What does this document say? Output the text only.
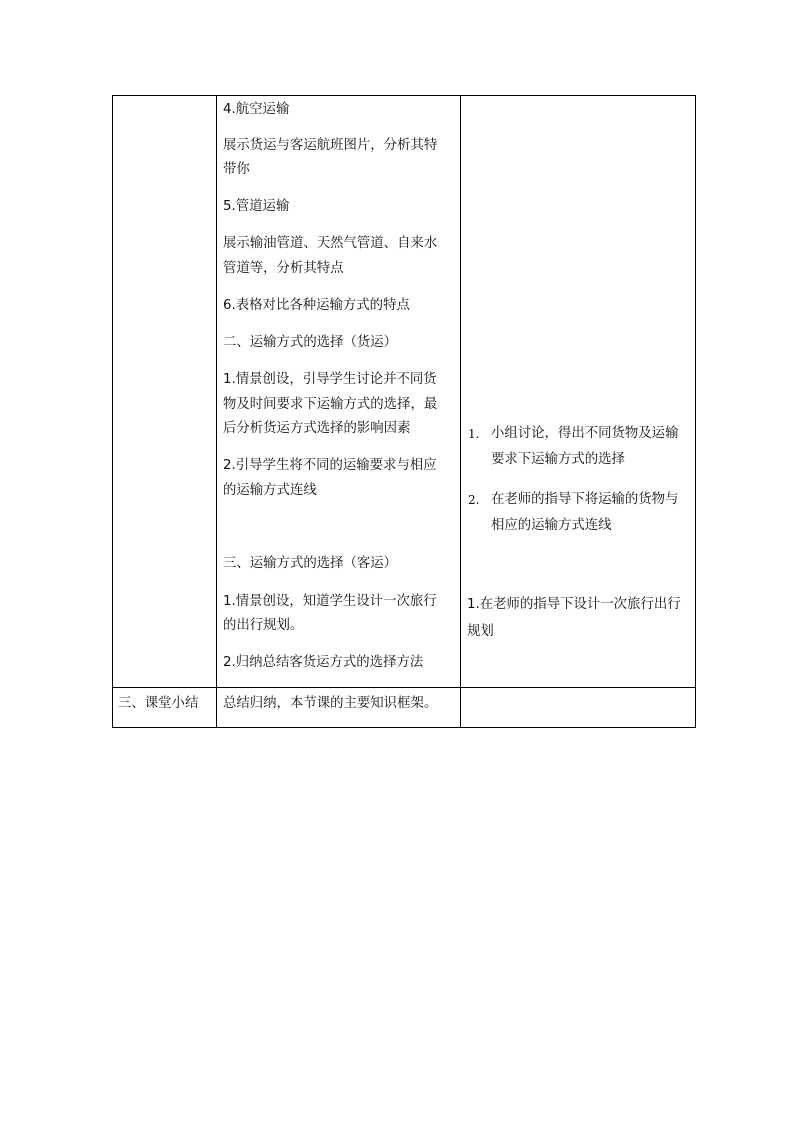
4.航空运输
展示货运与客运航班图片，分析其特
带你
5.管道运输
展示输油管道、天然气管道、自来水
管道等，分析其特点
6.表格对比各种运输方式的特点
二、运输方式的选择（货运）
1.情景创设，引导学生讨论并不同货
物及时间要求下运输方式的选择，最
后分析货运方式选择的影响因素
2.引导学生将不同的运输要求与相应
的运输方式连线
三、运输方式的选择（客运）
1.情景创设，知道学生设计一次旅行
的出行规划。
2.归纳总结客货运方式的选择方法
1. 小组讨论，得出不同货物及运输
要求下运输方式的选择
2. 在老师的指导下将运输的货物与
相应的运输方式连线
1.在老师的指导下设计一次旅行出行
规划
三、课堂小结 总结归纳，本节课的主要知识框架。
